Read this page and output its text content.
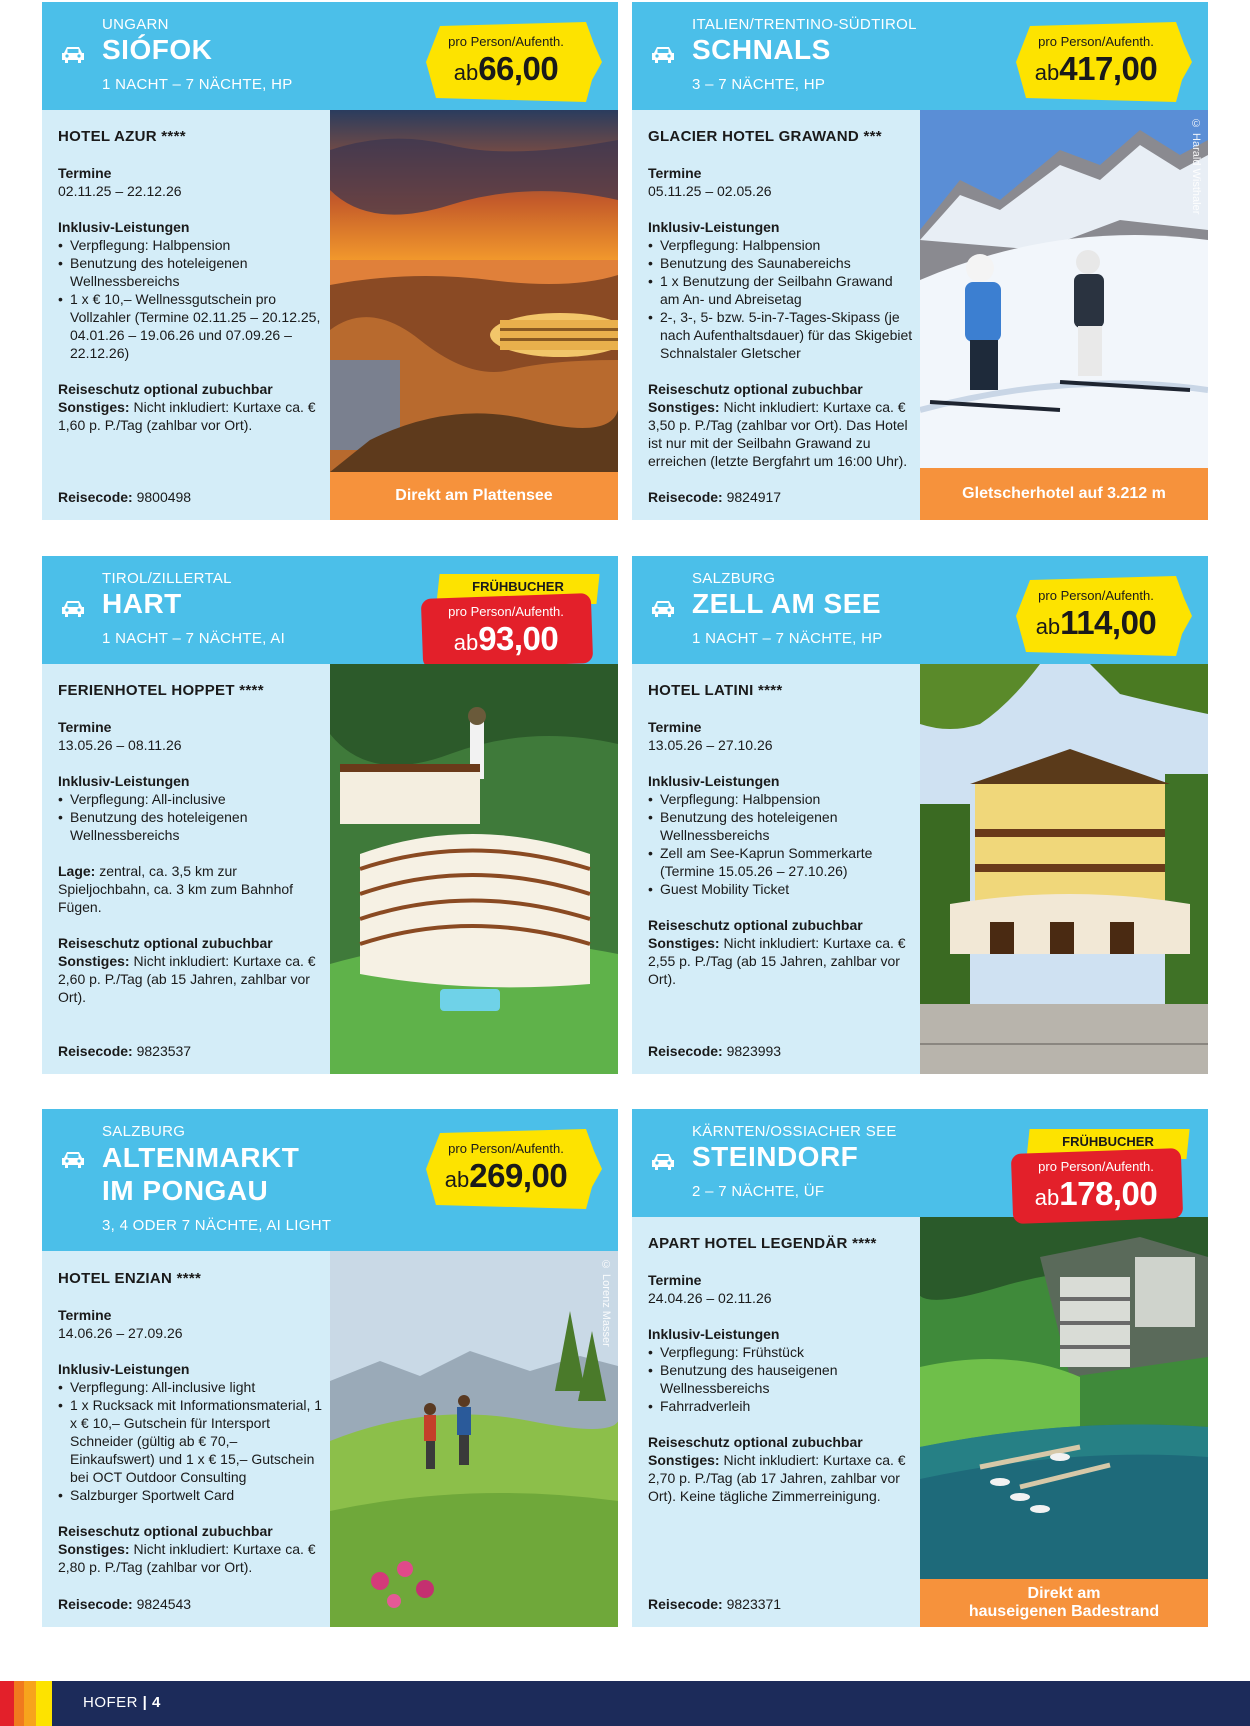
UNGARN
SIÓFOK
1 NACHT – 7 NÄCHTE, HP
pro Person/Aufenth.
ab66,00
HOTEL AZUR ****
Termine
02.11.25 – 22.12.26
Inklusiv-Leistungen
• Verpflegung: Halbpension
• Benutzung des hoteleigenen Wellnessbereichs
• 1 x € 10,– Wellnessgutschein pro Vollzahler (Termine 02.11.25 – 20.12.25, 04.01.26 – 19.06.26 und 07.09.26 – 22.12.26)
Reiseschutz optional zubuchbar
Sonstiges: Nicht inkludiert: Kurtaxe ca. € 1,60 p. P./Tag (zahlbar vor Ort).
Reisecode: 9800498	Direkt am Plattensee
ITALIEN/TRENTINO-SÜDTIROL
SCHNALS
3 – 7 NÄCHTE, HP
pro Person/Aufenth.
ab417,00
GLACIER HOTEL GRAWAND ***
Termine
05.11.25 – 02.05.26
Inklusiv-Leistungen
• Verpflegung: Halbpension
• Benutzung des Saunabereichs
• 1 x Benutzung der Seilbahn Grawand am An- und Abreisetag
• 2-, 3-, 5- bzw. 5-in-7-Tages-Skipass (je nach Aufenthaltsdauer) für das Skigebiet Schnalstaler Gletscher
Reiseschutz optional zubuchbar
Sonstiges: Nicht inkludiert: Kurtaxe ca. € 3,50 p. P./Tag (zahlbar vor Ort). Das Hotel ist nur mit der Seilbahn Grawand zu erreichen (letzte Bergfahrt um 16:00 Uhr).
Reisecode: 9824917
© Harald Wisthaler
Gletscherhotel auf 3.212 m
TIROL/ZILLERTAL
HART
1 NACHT – 7 NÄCHTE, AI
FRÜHBUCHER
pro Person/Aufenth.
ab93,00
FERIENHOTEL HOPPET ****
Termine
13.05.26 – 08.11.26
Inklusiv-Leistungen
• Verpflegung: All-inclusive
• Benutzung des hoteleigenen Wellnessbereichs
Lage: zentral, ca. 3,5 km zur Spieljochbahn, ca. 3 km zum Bahnhof Fügen.
Reiseschutz optional zubuchbar
Sonstiges: Nicht inkludiert: Kurtaxe ca. € 2,60 p. P./Tag (ab 15 Jahren, zahlbar vor Ort).
Reisecode: 9823537
SALZBURG
ZELL AM SEE
1 NACHT – 7 NÄCHTE, HP
pro Person/Aufenth.
ab114,00
HOTEL LATINI ****
Termine
13.05.26 – 27.10.26
Inklusiv-Leistungen
• Verpflegung: Halbpension
• Benutzung des hoteleigenen Wellnessbereichs
• Zell am See-Kaprun Sommerkarte (Termine 15.05.26 – 27.10.26)
• Guest Mobility Ticket
Reiseschutz optional zubuchbar
Sonstiges: Nicht inkludiert: Kurtaxe ca. € 2,55 p. P./Tag (ab 15 Jahren, zahlbar vor Ort).
Reisecode: 9823993
SALZBURG
ALTENMARKT
IM PONGAU
3, 4 ODER 7 NÄCHTE, AI LIGHT
pro Person/Aufenth.
ab269,00
HOTEL ENZIAN ****
Termine
14.06.26 – 27.09.26
Inklusiv-Leistungen
• Verpflegung: All-inclusive light
• 1 x Rucksack mit Informationsmaterial, 1 x € 10,– Gutschein für Intersport Schneider (gültig ab € 70,– Einkaufswert) und 1 x € 15,– Gutschein bei OCT Outdoor Consulting
• Salzburger Sportwelt Card
Reiseschutz optional zubuchbar
Sonstiges: Nicht inkludiert: Kurtaxe ca. € 2,80 p. P./Tag (zahlbar vor Ort).
Reisecode: 9824543
© Lorenz Masser
KÄRNTEN/OSSIACHER SEE
STEINDORF
2 – 7 NÄCHTE, ÜF
APART HOTEL LEGENDÄR ****
Termine
24.04.26 – 02.11.26
Inklusiv-Leistungen
• Verpflegung: Frühstück
• Benutzung des hauseigenen Wellnessbereichs
• Fahrradverleih
Reiseschutz optional zubuchbar
Sonstiges: Nicht inkludiert: Kurtaxe ca. € 2,70 p. P./Tag (ab 17 Jahren, zahlbar vor Ort). Keine tägliche Zimmerreinigung.
Reisecode: 9823371
Direkt am
hauseigenen Badestrand
FRÜHBUCHER
pro Person/Aufenth.
ab178,00
HOFER | 4
